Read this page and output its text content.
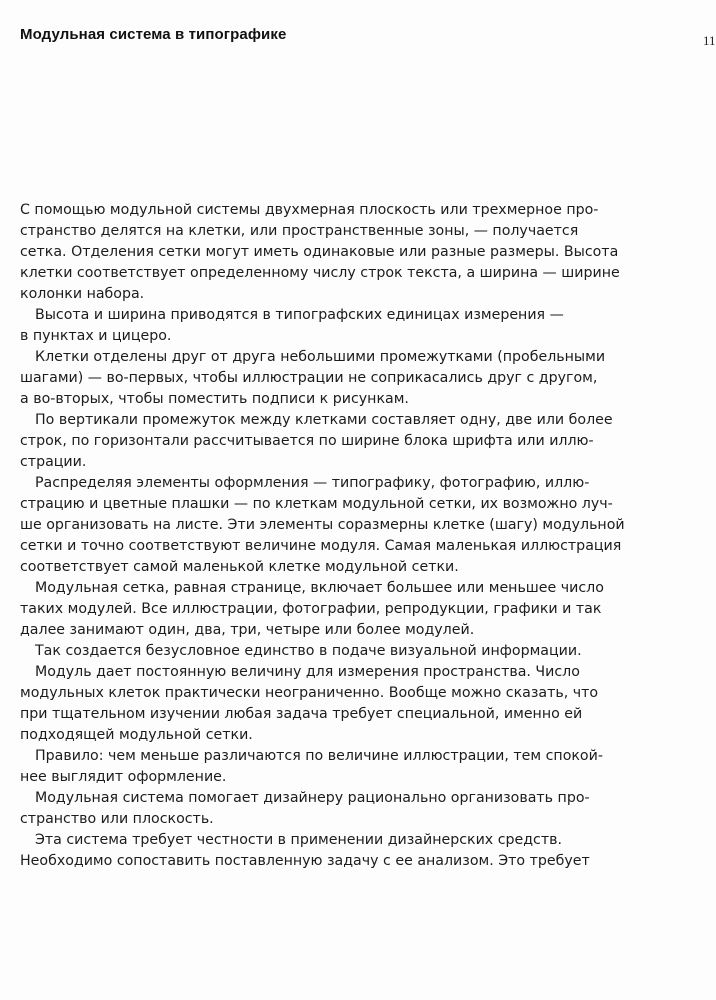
Модульная система в типографике	11
С помощью модульной системы двухмерная плоскость или трехмерное про-
странство делятся на клетки, или пространственные зоны, — получается
сетка. Отделения сетки могут иметь одинаковые или разные размеры. Высота
клетки соответствует определенному числу строк текста, а ширина — ширине
колонки набора.
Высота и ширина приводятся в типографских единицах измерения —
в пунктах и цицеро.
Клетки отделены друг от друга небольшими промежутками (пробельными
шагами) — во-первых, чтобы иллюстрации не соприкасались друг с другом,
а во-вторых, чтобы поместить подписи к рисункам.
По вертикали промежуток между клетками составляет одну, две или более
строк, по горизонтали рассчитывается по ширине блока шрифта или иллю-
страции.
Распределяя элементы оформления — типографику, фотографию, иллю-
страцию и цветные плашки — по клеткам модульной сетки, их возможно луч-
ше организовать на листе. Эти элементы соразмерны клетке (шагу) модульной
сетки и точно соответствуют величине модуля. Самая маленькая иллюстрация
соответствует самой маленькой клетке модульной сетки.
Модульная сетка, равная странице, включает большее или меньшее число
таких модулей. Все иллюстрации, фотографии, репродукции, графики и так
далее занимают один, два, три, четыре или более модулей.
Так создается безусловное единство в подаче визуальной информации.
Модуль дает постоянную величину для измерения пространства. Число
модульных клеток практически неограниченно. Вообще можно сказать, что
при тщательном изучении любая задача требует специальной, именно ей
подходящей модульной сетки.
Правило: чем меньше различаются по величине иллюстрации, тем спокой-
нее выглядит оформление.
Модульная система помогает дизайнеру рационально организовать про-
странство или плоскость.
Эта система требует честности в применении дизайнерских средств.
Необходимо сопоставить поставленную задачу с ее анализом. Это требует
